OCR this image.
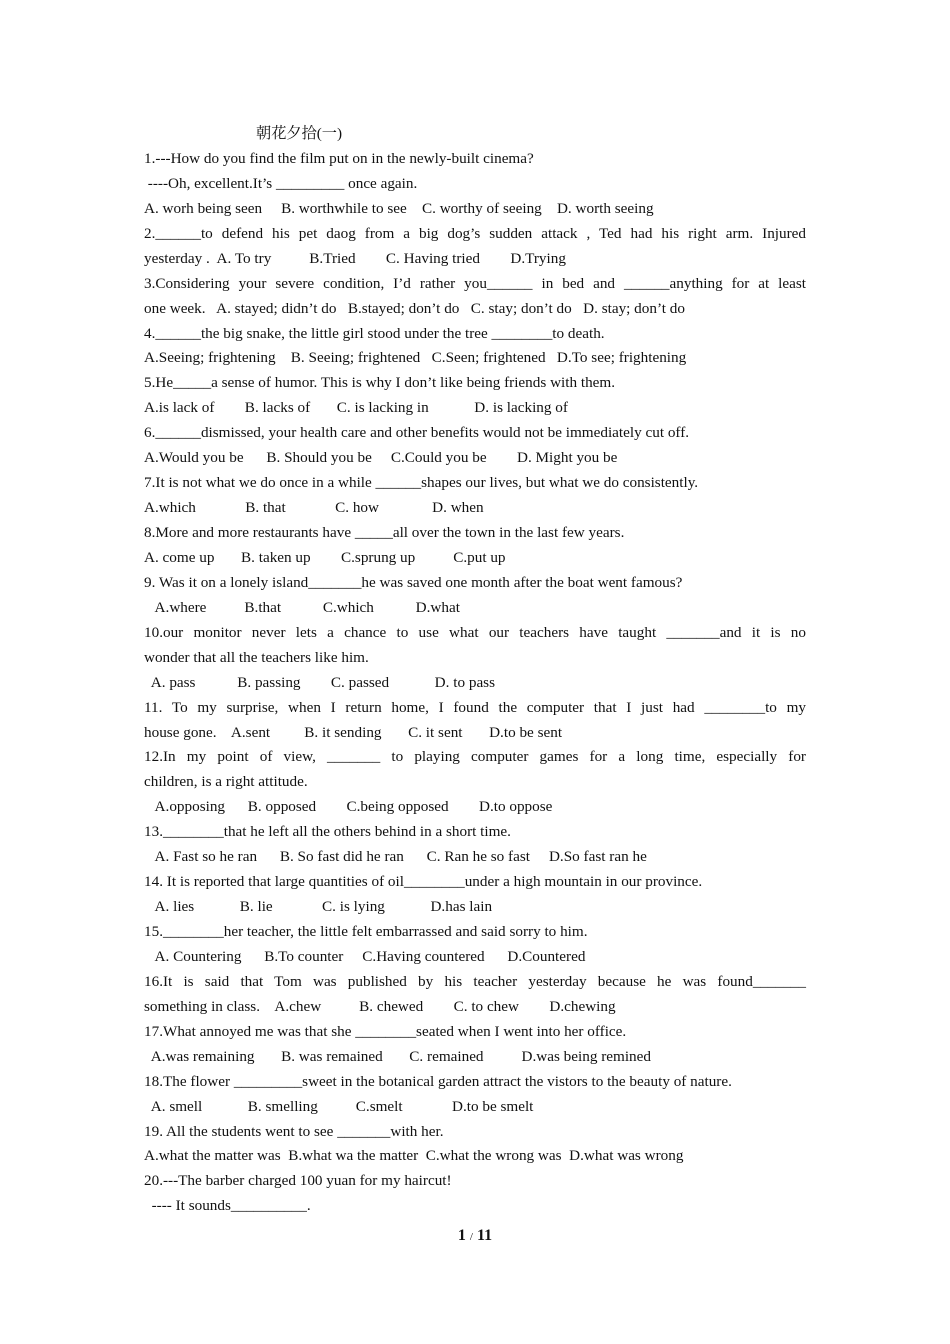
朝花夕拾(一)
1.---How do you find the film put on in the newly-built cinema?
----Oh, excellent.It’s _________ once again.
A. worh being seen     B. worthwhile to see    C. worthy of seeing    D. worth seeing
2.______to defend his pet daog from a big dog’s sudden attack , Ted had his right arm. Injured
yesterday .  A. To try          B.Tried        C. Having tried        D.Trying
3.Considering your severe condition, I’d rather you______ in bed and ______anything for at least
one week.   A. stayed; didn’t do   B.stayed; don’t do   C. stay; don’t do   D. stay; don’t do
4.______the big snake, the little girl stood under the tree ________to death.
A.Seeing; frightening    B. Seeing; frightened   C.Seen; frightened   D.To see; frightening
5.He_____a sense of humor. This is why I don’t like being friends with them.
A.is lack of        B. lacks of       C. is lacking in            D. is lacking of
6.______dismissed, your health care and other benefits would not be immediately cut off.
A.Would you be      B. Should you be     C.Could you be        D. Might you be
7.It is not what we do once in a while ______shapes our lives, but what we do consistently.
A.which             B. that             C. how              D. when
8.More and more restaurants have _____all over the town in the last few years.
A. come up       B. taken up        C.sprung up          C.put up
9. Was it on a lonely island_______he was saved one month after the boat went famous?
A.where          B.that           C.which           D.what
10.our monitor never lets a chance to use what our teachers have taught _______and it is no
wonder that all the teachers like him.
A. pass           B. passing        C. passed            D. to pass
11. To my surprise, when I return home, I found the computer that I just had ________to my
house gone.    A.sent         B. it sending       C. it sent       D.to be sent
12.In my point of view, _______ to playing computer games for a long time, especially for
children, is a right attitude.
A.opposing      B. opposed        C.being opposed        D.to oppose
13.________that he left all the others behind in a short time.
A. Fast so he ran      B. So fast did he ran      C. Ran he so fast     D.So fast ran he
14. It is reported that large quantities of oil________under a high mountain in our province.
A. lies            B. lie             C. is lying            D.has lain
15.________her teacher, the little felt embarrassed and said sorry to him.
A. Countering      B.To counter     C.Having countered      D.Countered
16.It is said that Tom was published by his teacher yesterday because he was found_______
something in class.    A.chew          B. chewed        C. to chew        D.chewing
17.What annoyed me was that she ________seated when I went into her office.
A.was remaining       B. was remained       C. remained          D.was being remined
18.The flower _________sweet in the botanical garden attract the vistors to the beauty of nature.
A. smell            B. smelling          C.smelt             D.to be smelt
19. All the students went to see _______with her.
A.what the matter was  B.what wa the matter  C.what the wrong was  D.what was wrong
20.---The barber charged 100 yuan for my haircut!
---- It sounds__________.
1 / 11
